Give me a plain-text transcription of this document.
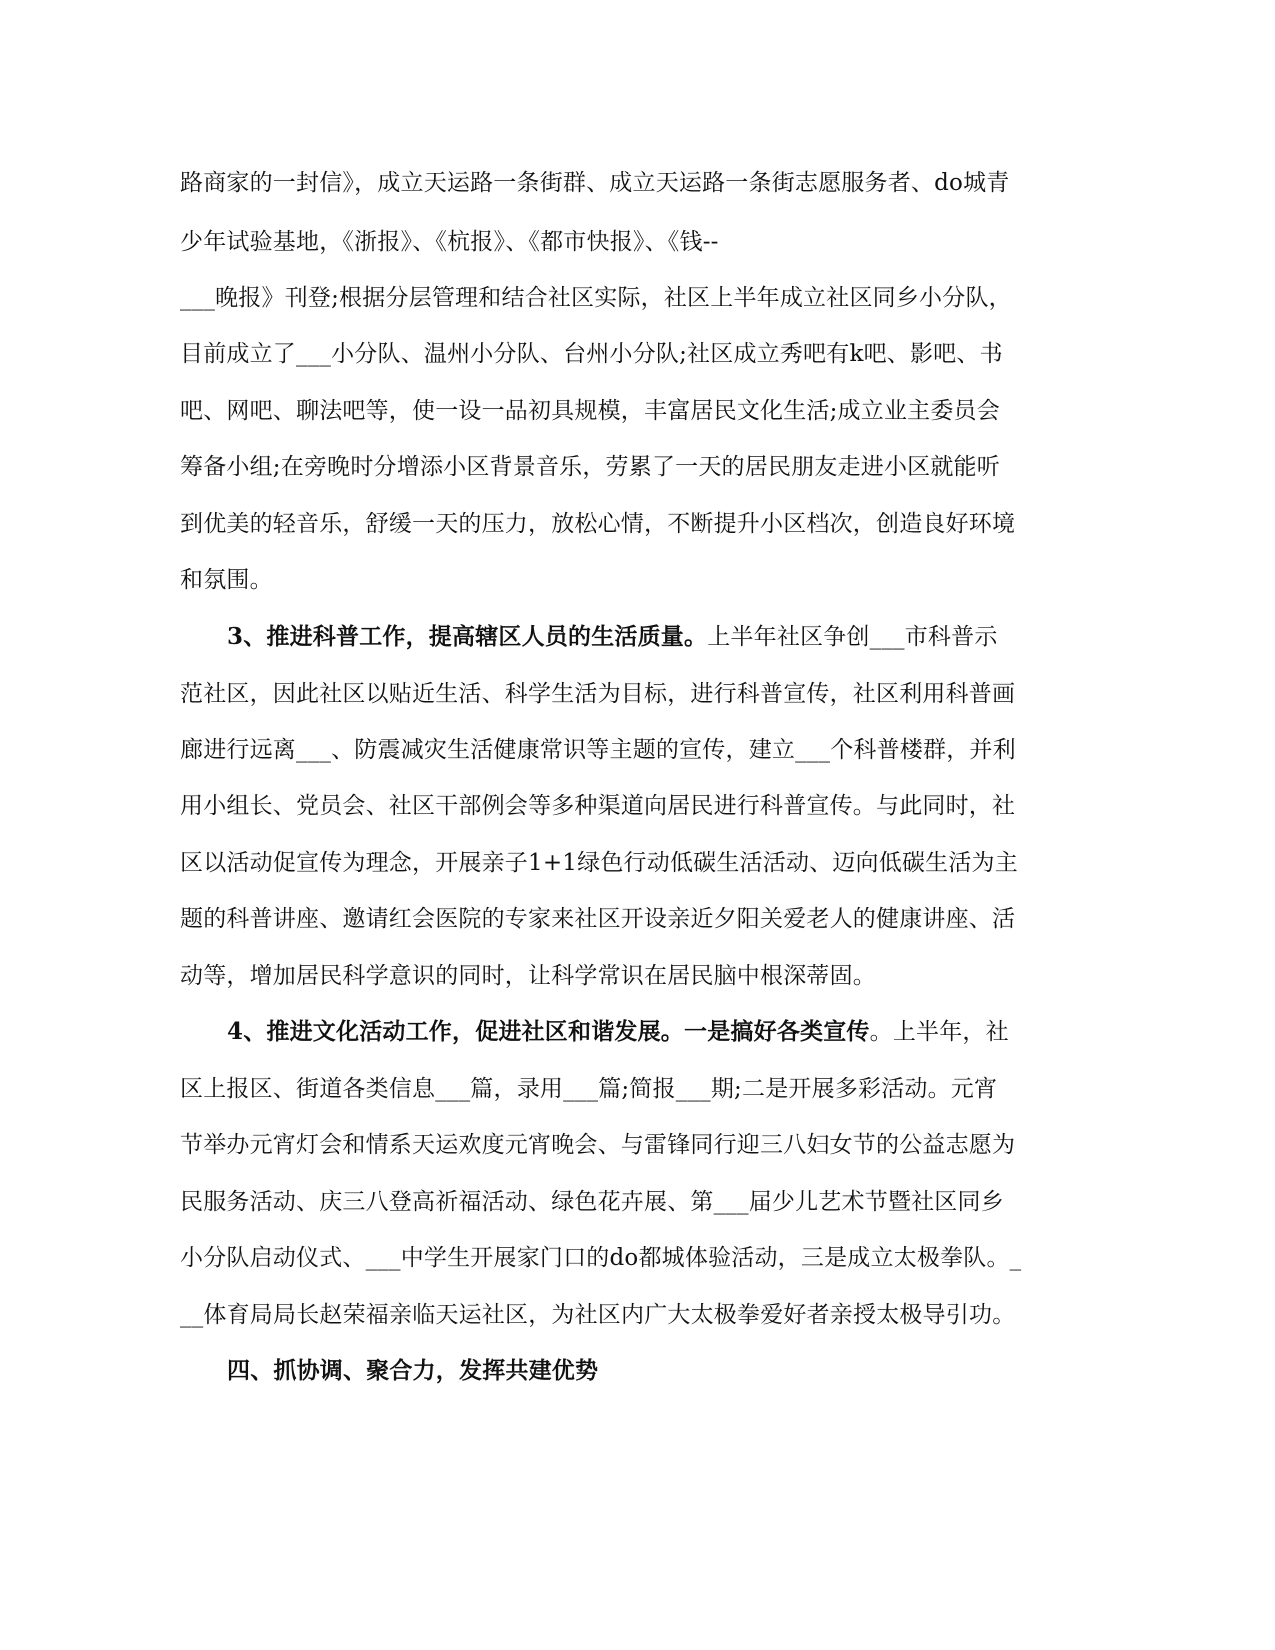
路商家的一封信》，成立天运路一条街群、成立天运路一条街志愿服务者、do城青
少年试验基地，《浙报》、《杭报》、《都市快报》、《钱--
___晚报》刊登;根据分层管理和结合社区实际，社区上半年成立社区同乡小分队，
目前成立了___小分队、温州小分队、台州小分队;社区成立秀吧有k吧、影吧、书
吧、网吧、聊法吧等，使一设一品初具规模，丰富居民文化生活;成立业主委员会
筹备小组;在旁晚时分增添小区背景音乐，劳累了一天的居民朋友走进小区就能听
到优美的轻音乐，舒缓一天的压力，放松心情，不断提升小区档次，创造良好环境
和氛围。
3、推进科普工作，提高辖区人员的生活质量。上半年社区争创___市科普示
范社区，因此社区以贴近生活、科学生活为目标，进行科普宣传，社区利用科普画
廊进行远离___、防震减灾生活健康常识等主题的宣传，建立___个科普楼群，并利
用小组长、党员会、社区干部例会等多种渠道向居民进行科普宣传。与此同时，社
区以活动促宣传为理念，开展亲子1+1绿色行动低碳生活活动、迈向低碳生活为主
题的科普讲座、邀请红会医院的专家来社区开设亲近夕阳关爱老人的健康讲座、活
动等，增加居民科学意识的同时，让科学常识在居民脑中根深蒂固。
4、推进文化活动工作，促进社区和谐发展。一是搞好各类宣传。上半年，社
区上报区、街道各类信息___篇，录用___篇;简报___期;二是开展多彩活动。元宵
节举办元宵灯会和情系天运欢度元宵晚会、与雷锋同行迎三八妇女节的公益志愿为
民服务活动、庆三八登高祈福活动、绿色花卉展、第___届少儿艺术节暨社区同乡
小分队启动仪式、___中学生开展家门口的do都城体验活动，三是成立太极拳队。_
__体育局局长赵荣福亲临天运社区，为社区内广大太极拳爱好者亲授太极导引功。
四、抓协调、聚合力，发挥共建优势
